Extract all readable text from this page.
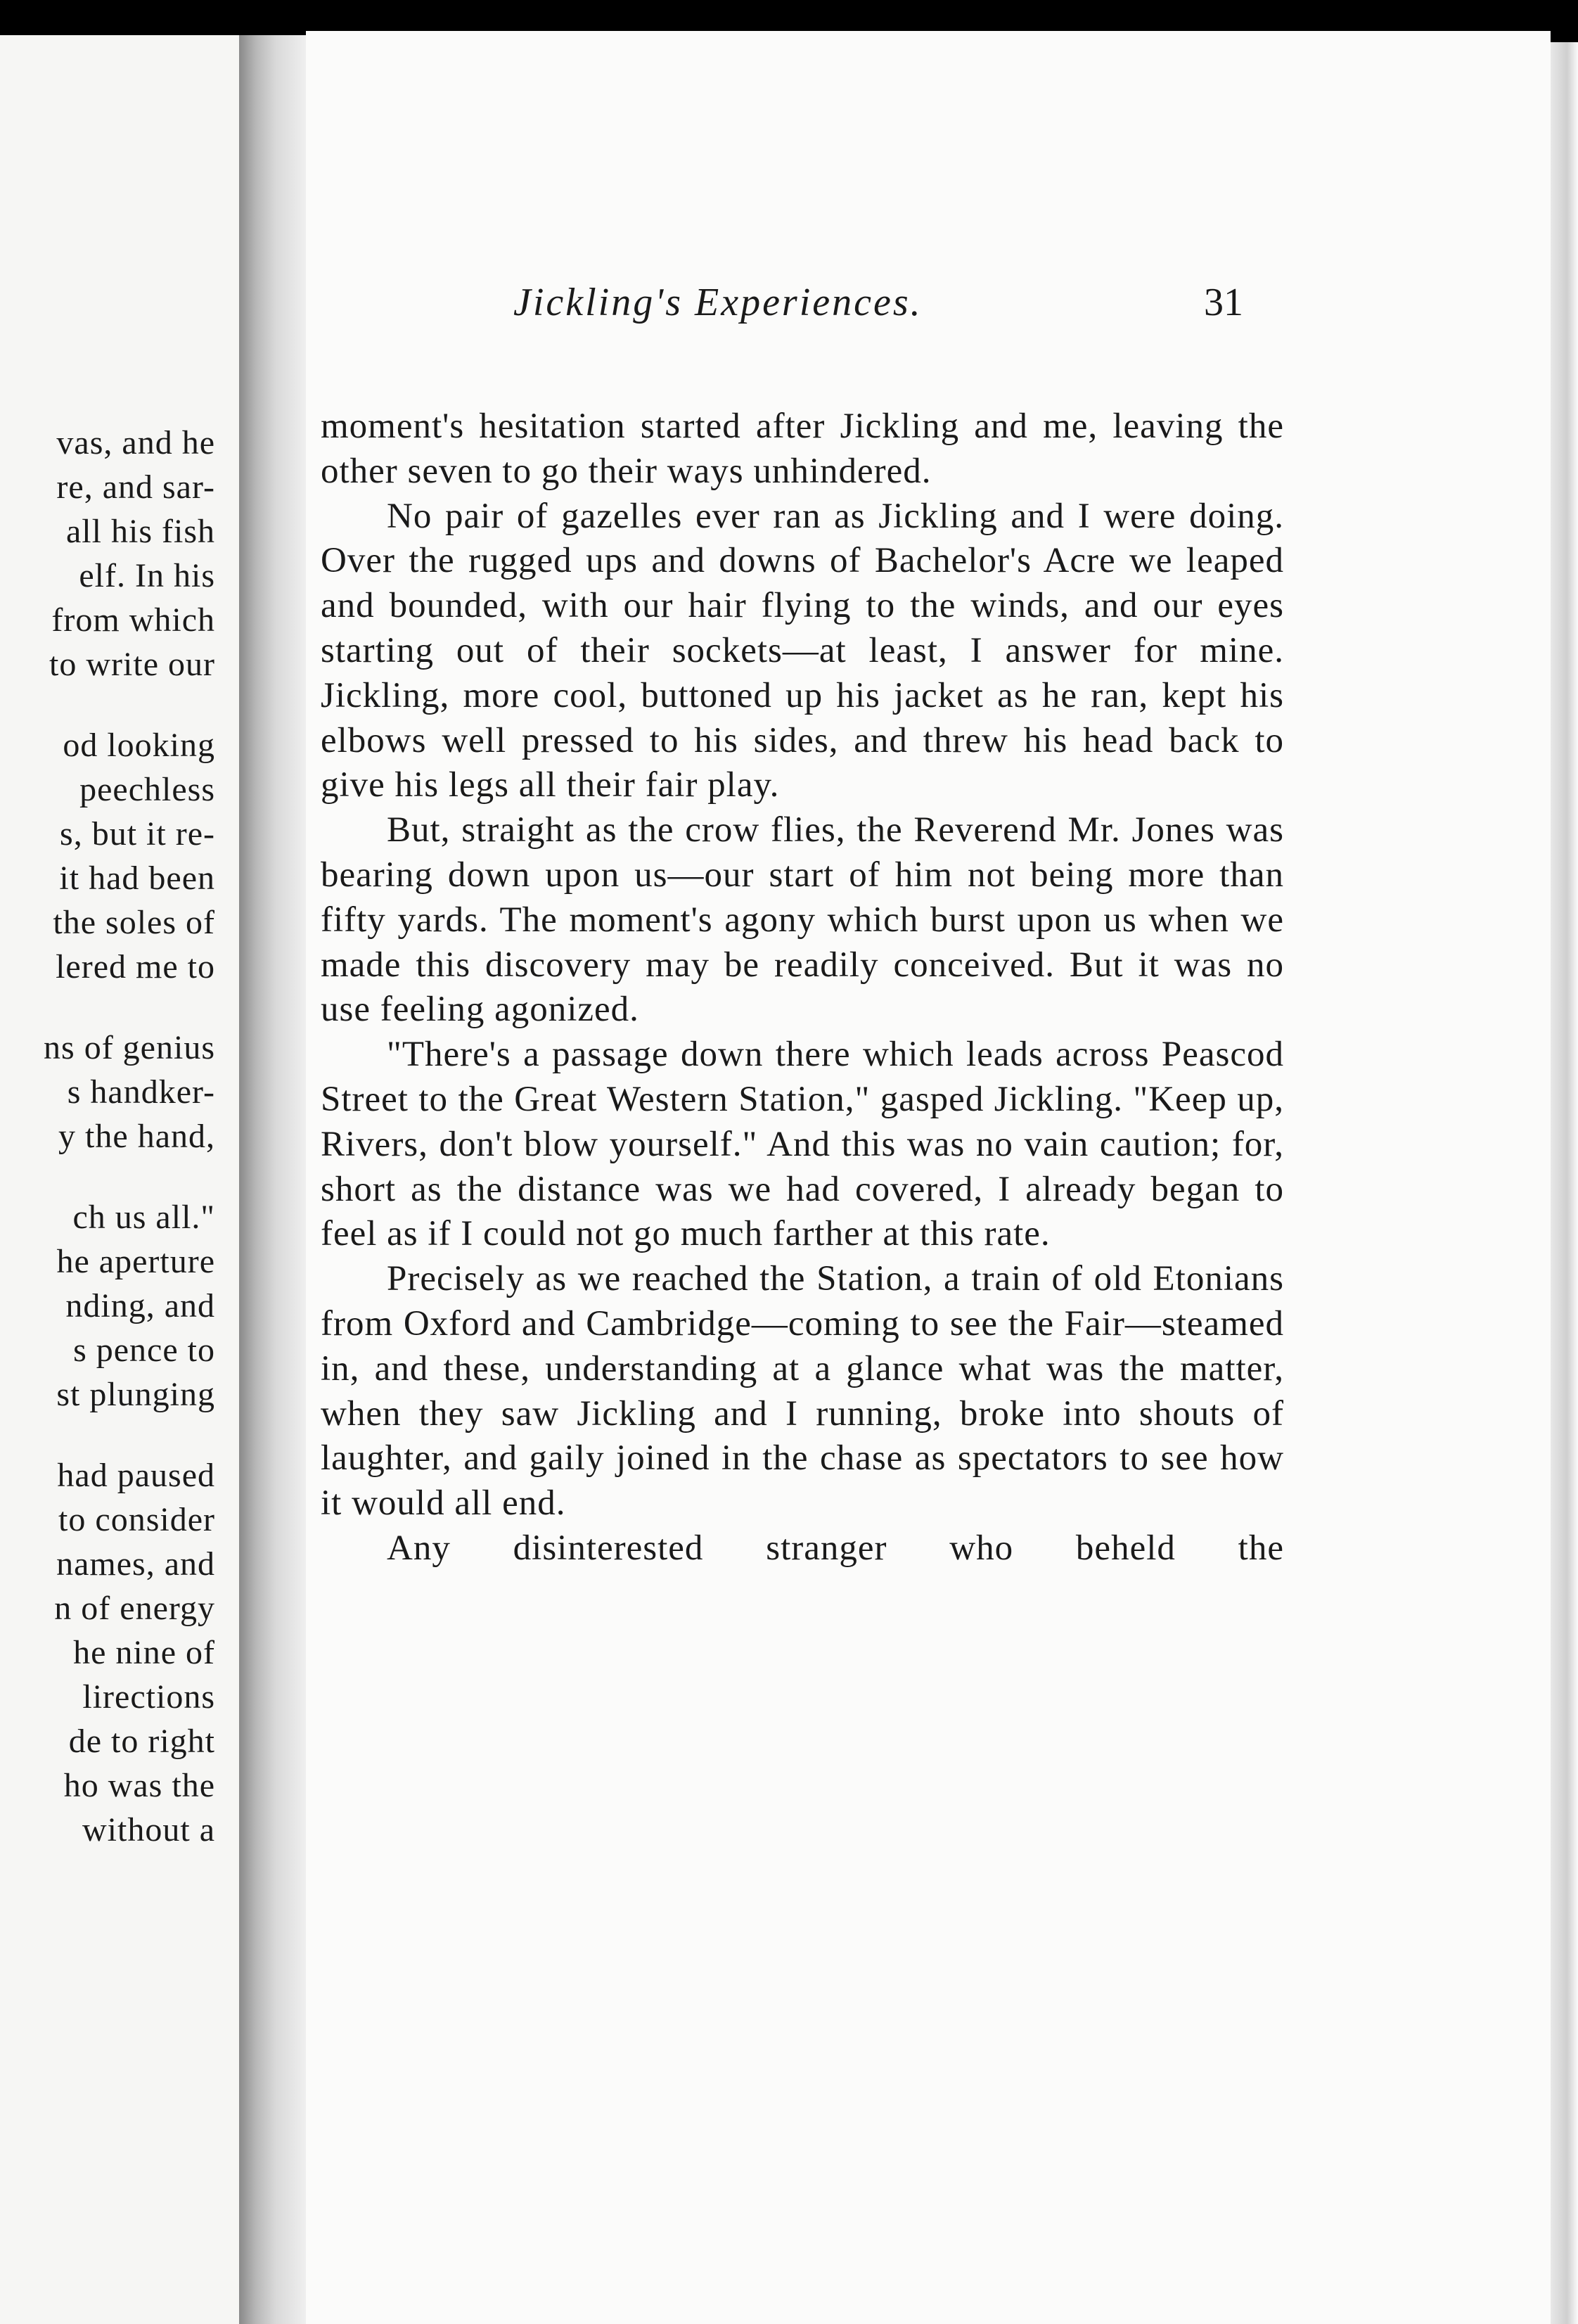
vas, and he
re, and sar-
all his fish
elf. In his
from which
to write our
od looking
peechless
s, but it re-
it had been
the soles of
lered me to
ns of genius
s handker-
y the hand,
ch us all."
he aperture
nding, and
s pence to
st plunging
had paused
to consider
names, and
n of energy
he nine of
lirections
de to right
ho was the
without a
Jickling's Experiences.	31

moment's hesitation started after Jickling and me, leaving the other seven to go their ways unhindered.

No pair of gazelles ever ran as Jickling and I were doing. Over the rugged ups and downs of Bachelor's Acre we leaped and bounded, with our hair flying to the winds, and our eyes starting out of their sockets—at least, I answer for mine. Jickling, more cool, buttoned up his jacket as he ran, kept his elbows well pressed to his sides, and threw his head back to give his legs all their fair play.

But, straight as the crow flies, the Reverend Mr. Jones was bearing down upon us—our start of him not being more than fifty yards. The moment's agony which burst upon us when we made this discovery may be readily conceived. But it was no use feeling agonized.

"There's a passage down there which leads across Peascod Street to the Great Western Station," gasped Jickling. "Keep up, Rivers, don't blow yourself." And this was no vain caution; for, short as the distance was we had covered, I already began to feel as if I could not go much farther at this rate.

Precisely as we reached the Station, a train of old Etonians from Oxford and Cambridge—coming to see the Fair—steamed in, and these, understanding at a glance what was the matter, when they saw Jickling and I running, broke into shouts of laughter, and gaily joined in the chase as spectators to see how it would all end.

Any disinterested stranger who beheld the
